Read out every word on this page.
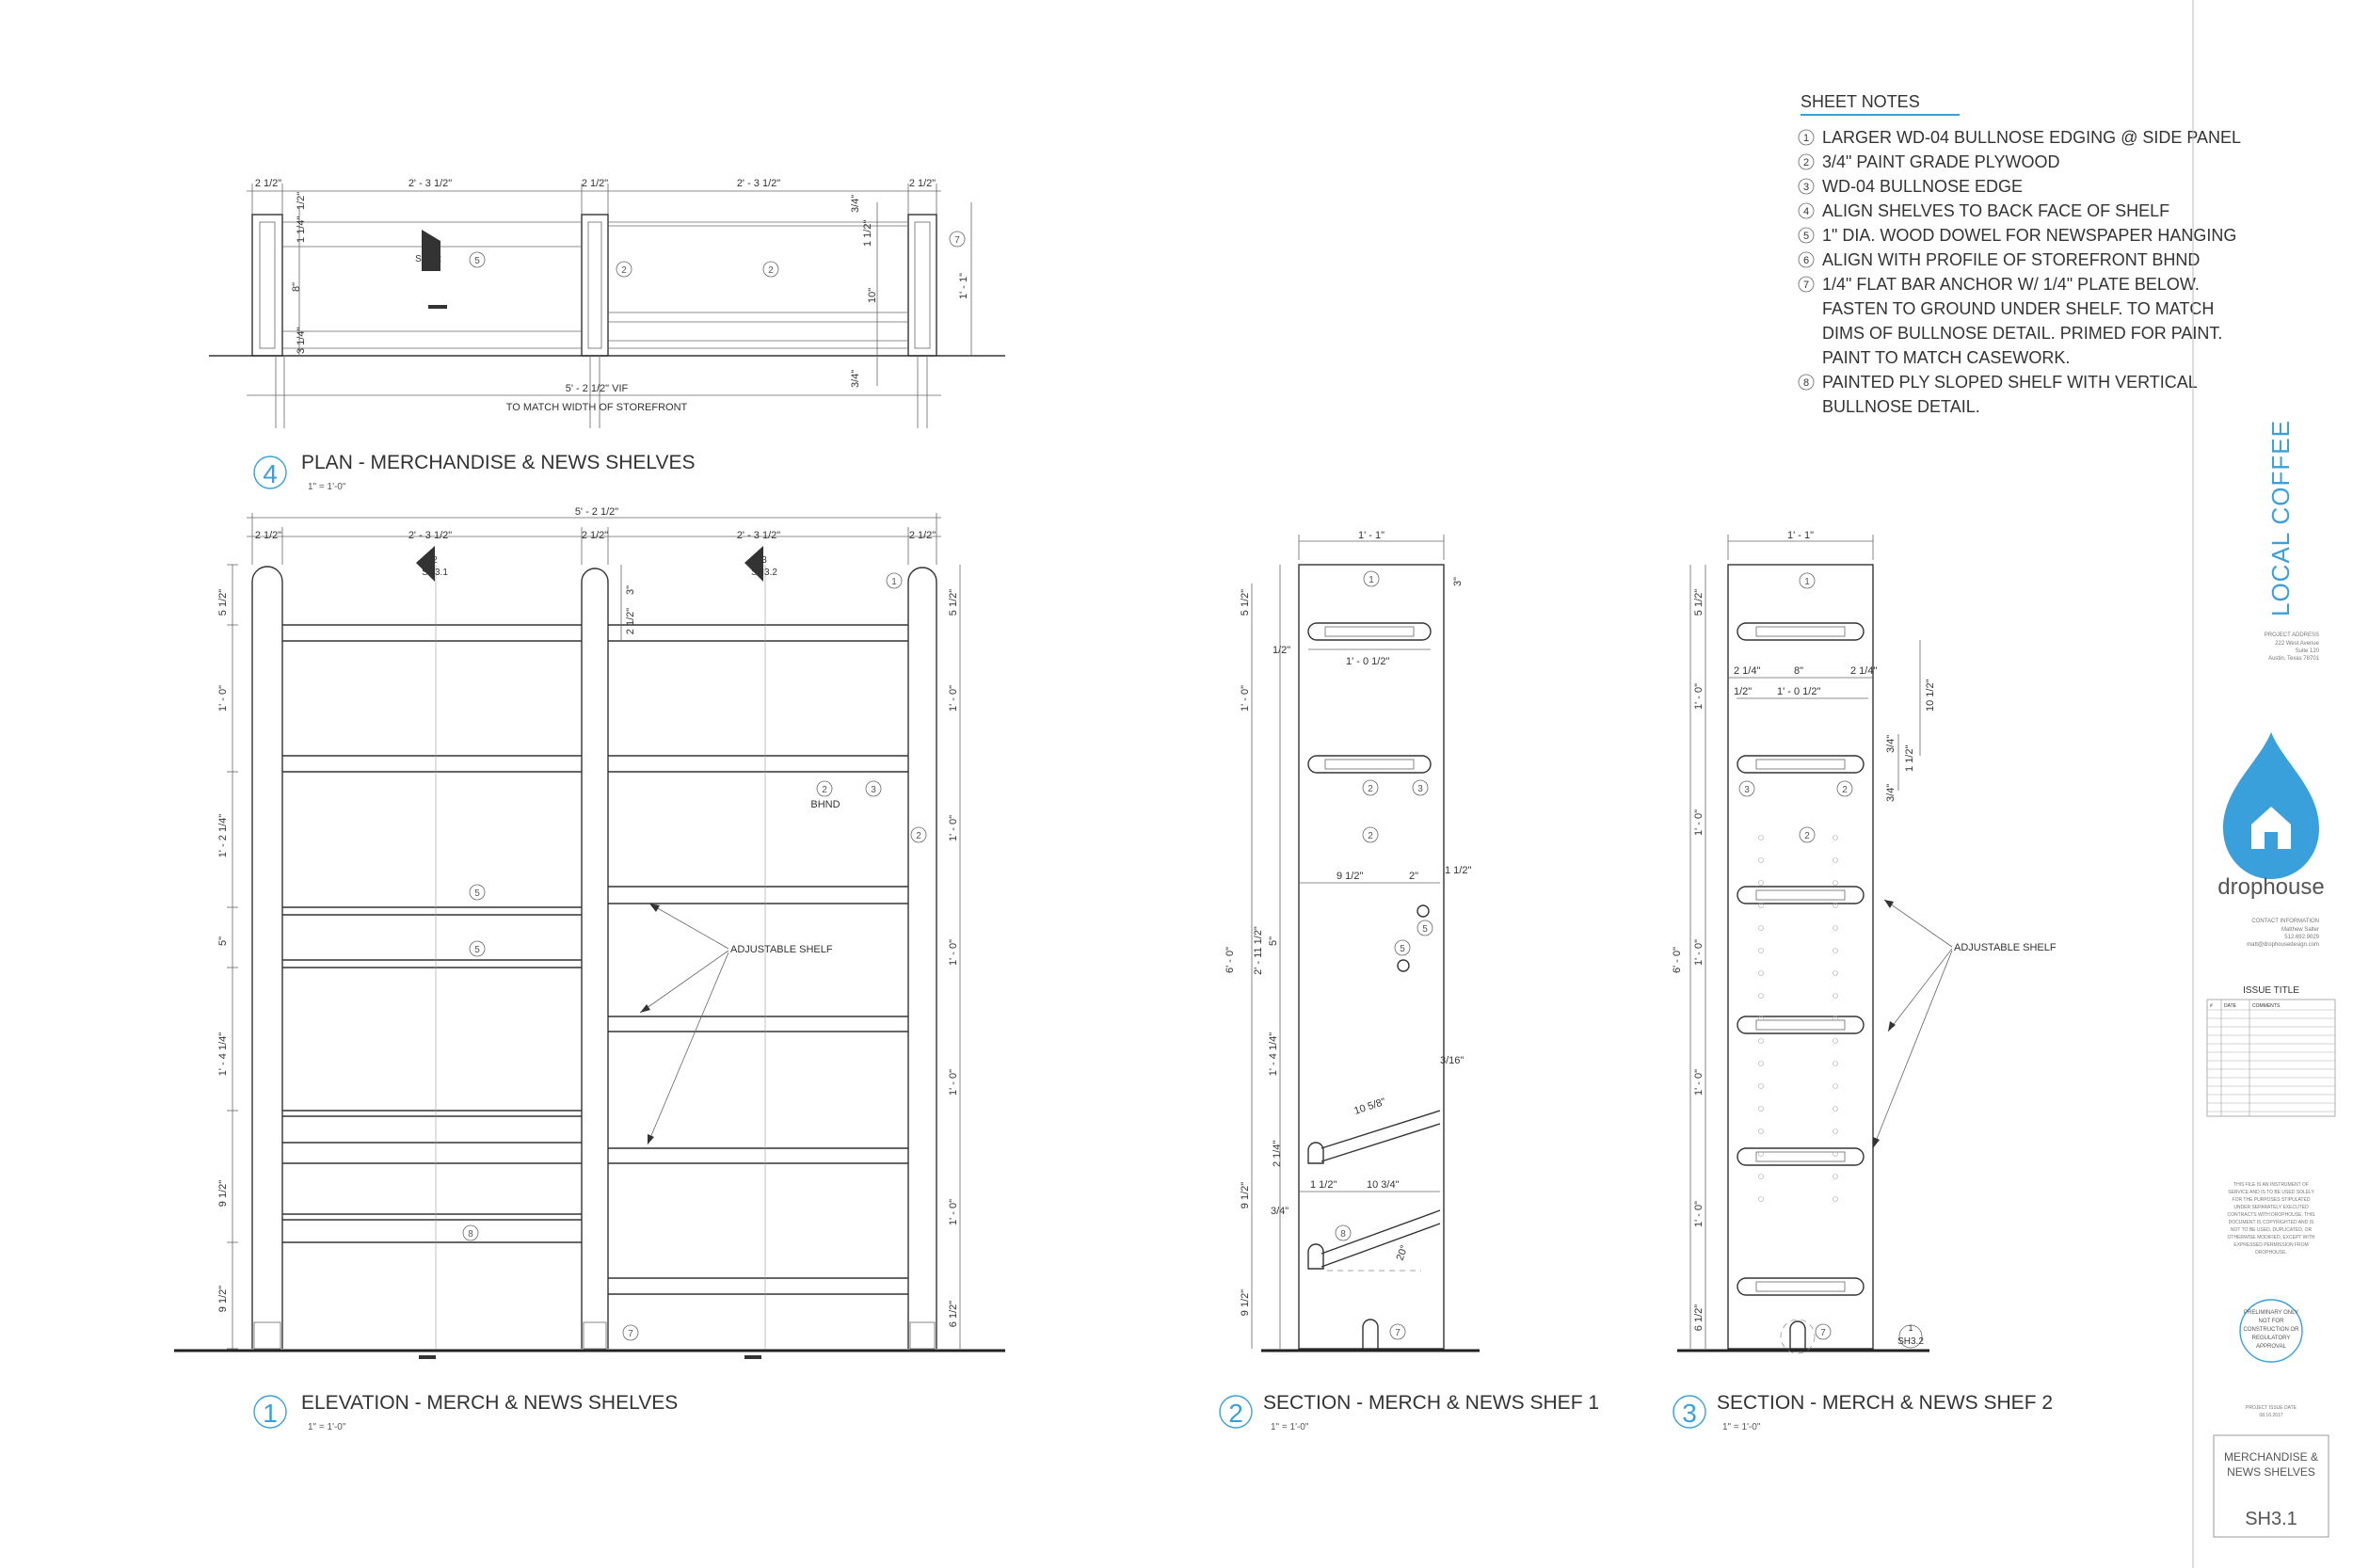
SHEET NOTES
1 LARGER WD-04 BULLNOSE EDGING @ SIDE PANEL
2 3/4" PAINT GRADE PLYWOOD
3 WD-04 BULLNOSE EDGE
4 ALIGN SHELVES TO BACK FACE OF SHELF
5 1" DIA. WOOD DOWEL FOR NEWSPAPER HANGING
6 ALIGN WITH PROFILE OF STOREFRONT BHND
7 1/4" FLAT BAR ANCHOR W/ 1/4" PLATE BELOW.
FASTEN TO GROUND UNDER SHELF. TO MATCH
DIMS OF BULLNOSE DETAIL. PRIMED FOR PAINT.
PAINT TO MATCH CASEWORK.
8 PAINTED PLY SLOPED SHELF WITH VERTICAL
BULLNOSE DETAIL.
2 1/2"	2' - 3 1/2"	2 1/2"	2' - 3 1/2"	2 1/2"
SH3.2	5
2	2
7
1/2"
1 1/4"
8"
3 1/4"
3/4"
1 1/2"
10"
3/4"
1' - 1"
5' - 2 1/2" VIF
TO MATCH WIDTH OF STOREFRONT
4 PLAN - MERCHANDISE & NEWS SHELVES
1" = 1'-0"
5' - 2 1/2"
2 1/2"	2' - 3 1/2"	2 1/2"	2' - 3 1/2"	2 1/2"
2
SH3.1
3
SH3.2
1
2	3
2
5
5
8
7
BHND
ADJUSTABLE SHELF
5 1/2"
1' - 0"
1' - 2 1/4"
5"
1' - 4 1/4"
9 1/2"
9 1/2"
5 1/2"
1' - 0"
1' - 0"
1' - 0"
1' - 0"
1' - 0"
6 1/2"
3"
2 1/2"
1 ELEVATION - MERCH & NEWS SHELVES
1" = 1'-0"
1' - 1"
1
2	3
2
5
5
8
7
3"
1/2"
1' - 0 1/2"
9 1/2"	2"	1 1/2"
3/16"
10 5/8"
2 1/4"
1 1/2"	10 3/4"
3/4"
20°
5 1/2"
1' - 0"
5"
1' - 4 1/4"
9 1/2"
9 1/2"
6' - 0" 2' - 11 1/2"
2 SECTION - MERCH & NEWS SHEF 1
1" = 1'-0"
1' - 1"
1
3	2
2
7	1
SH3.2
ADJUSTABLE SHELF
2 1/4"	8"	2 1/4"
1/2" 1' - 0 1/2"	10 1/2"
3/4"
1 1/2"
3/4"
5 1/2"
1' - 0"
1' - 0"
1' - 0"
1' - 0"
1' - 0"
6 1/2"
6' - 0"
3 SECTION - MERCH & NEWS SHEF 2
1" = 1'-0"
LOCAL COFFEE
PROJECT ADDRESS
222 West Avenue
Suite 120
Austin, Texas 78701
drophouse
CONTACT INFORMATION
Matthew Salter
512.692.9029
matt@drophousedesign.com
ISSUE TITLE
# DATE	COMMENTS
THIS FILE IS AN INSTRUMENT OF
SERVICE AND IS TO BE USED SOLELY
FOR THE PURPOSES STIPULATED
UNDER SEPARATELY EXECUTED
CONTRACTS WITH DROPHOUSE. THIS
DOCUMENT IS COPYRIGHTED AND IS
NOT TO BE USED, DUPLICATED, OR
OTHERWISE MODIFIED, EXCEPT WITH
EXPRESSED PERMISSION FROM
DROPHOUSE.
PRELIMINARY ONLY
NOT FOR
CONSTRUCTION OR
REGULATORY
APPROVAL
PROJECT ISSUE DATE
08.16.2017
MERCHANDISE &
NEWS SHELVES
SH3.1
